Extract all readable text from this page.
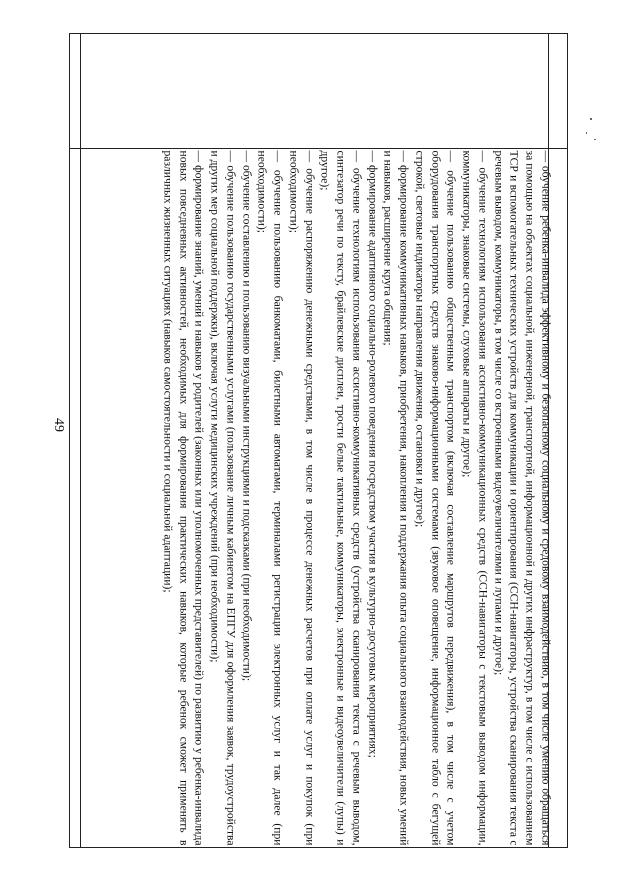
49	— обучение ребенка-инвалида эффективному и безопасному социальному и средовому взаимодействию, в том числе умению обращаться за помощью на объектах социальной, инженерной, транспортной, информационной и других инфраструктур, в том числе с использованием ТСР и вспомогательных технических устройств для коммуникации и ориентирования (ССН-навигаторы, устройства сканирования текста с речевым выводом, коммуникаторы, в том числе со встроенными видеоувеличителями и лупами и другое);

— обучение технологиям использования ассистивно-коммуникационных средств (ССН-навигаторы с текстовым выводом информации, коммуникаторы, знаковые системы, слуховые аппараты и другое);

— обучение пользованию общественным транспортом (включая составление маршрутов передвижения), в том числе с учетом оборудования транспортных средств знаково-информационными системами (звуковое оповещение, информационное табло с бегущей строкой, световые индикаторы направления движения, остановки и другое);

— формирование коммуникативных навыков, приобретения, накопления и поддержания опыта социального взаимодействия, новых умений и навыков, расширение круга общения;

— формирование адаптивного социально-ролевого поведения посредством участия в культурно-досуговых мероприятиях;

— обучение технологиям использования ассистивно-коммуникативных средств (устройства сканирования текста с речевым выводом, синтезатор речи по тексту, брайлевские дисплеи, трости белые тактильные, коммуникаторы, электронные и видеоувеличители (лупы) и другое);

— обучение распоряжению денежными средствами, в том числе в процессе денежных расчетов при оплате услуг и покупок (при необходимости);

— обучение пользованию банкоматами, билетными автоматами, терминалами регистрации электронных услуг и так далее (при необходимости);

— обучение составлению и пользованию визуальными инструкциями и подсказками (при необходимости);

— обучение пользованию государственными услугами (пользование личным кабинетом на ЕПГУ для оформления заявок, трудоустройства и других мер социальной поддержки), включая услуги медицинских учреждений (при необходимости);

— формирование знаний, умений и навыков у родителей (законных или уполномоченных представителей) по развитию у ребенка-инвалида новых повседневных активностей, необходимых для формирования практических навыков, которые ребенок сможет применять в различных жизненных ситуациях (навыков самостоятельности и социальной адаптации);
